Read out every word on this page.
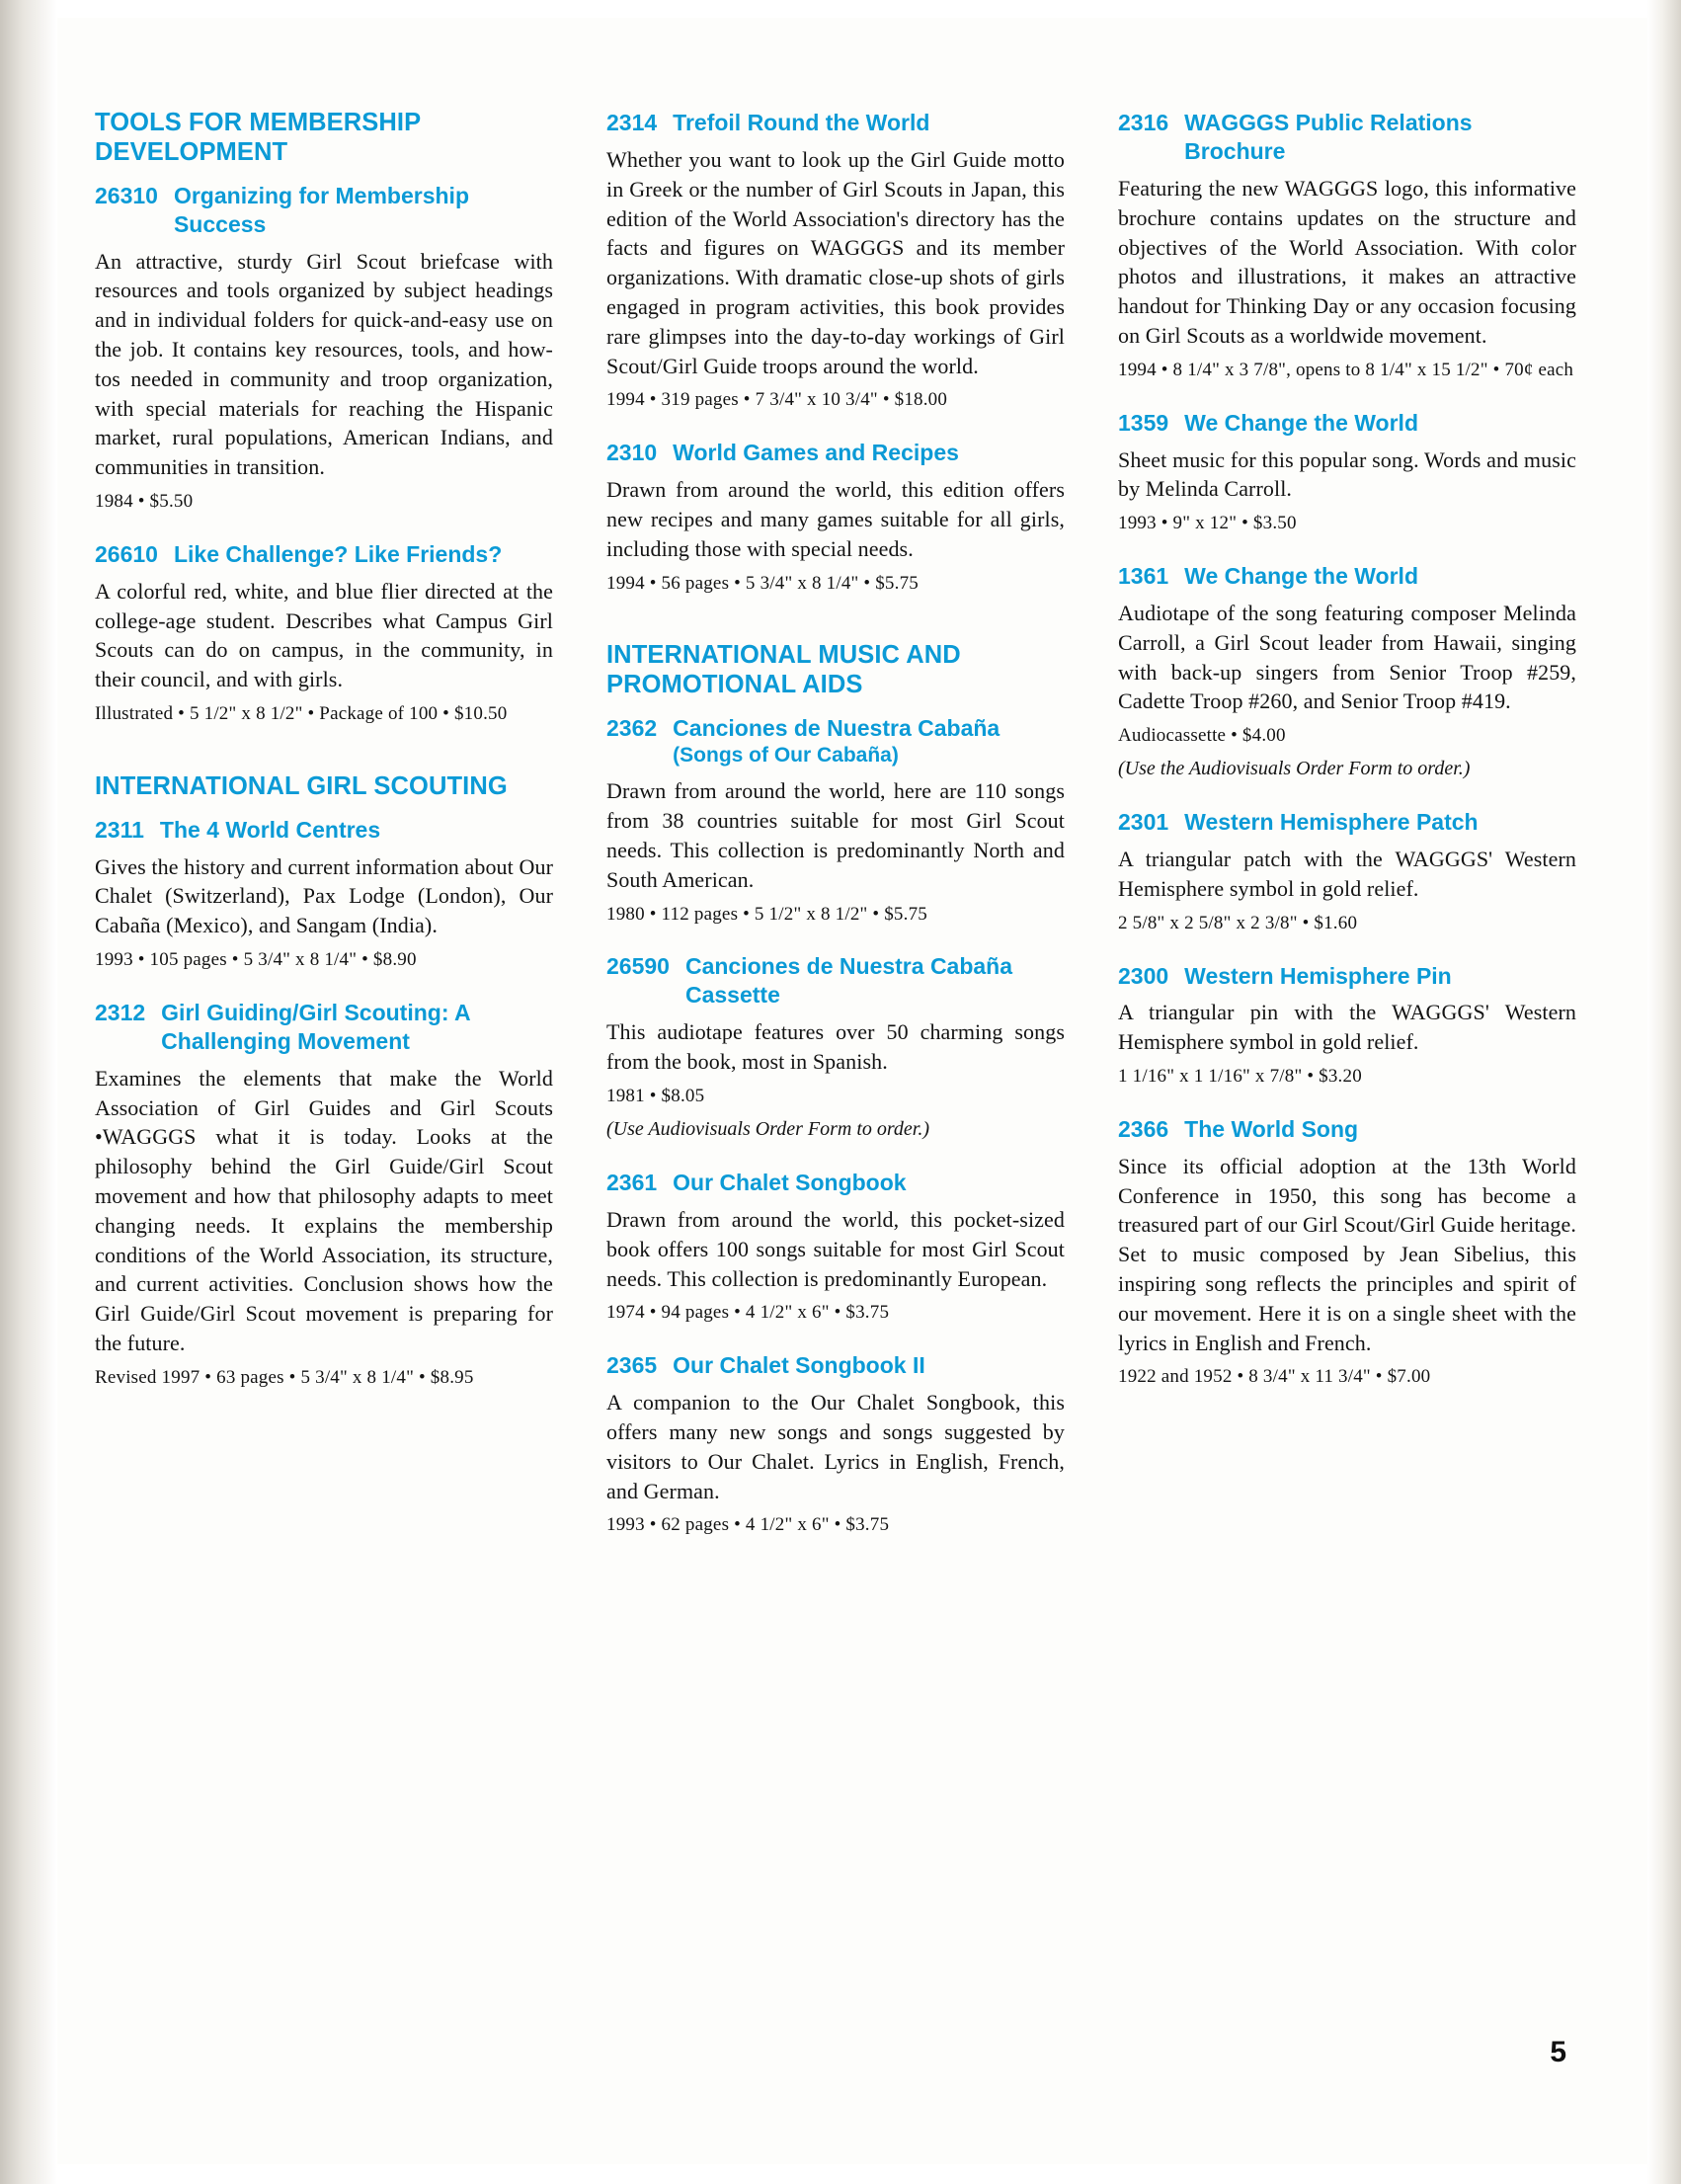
TOOLS FOR MEMBERSHIP DEVELOPMENT
26310 Organizing for Membership Success

An attractive, sturdy Girl Scout briefcase with resources and tools organized by subject headings and in individual folders for quick-and-easy use on the job. It contains key resources, tools, and how-tos needed in community and troop organization, with special materials for reaching the Hispanic market, rural populations, American Indians, and communities in transition.

1984 • $5.50

26610 Like Challenge? Like Friends?

A colorful red, white, and blue flier directed at the college-age student. Describes what Campus Girl Scouts can do on campus, in the community, in their council, and with girls.

Illustrated • 5 1/2" x 8 1/2" • Package of 100 • $10.50

INTERNATIONAL GIRL SCOUTING
2311 The 4 World Centres

Gives the history and current information about Our Chalet (Switzerland), Pax Lodge (London), Our Cabaña (Mexico), and Sangam (India).

1993 • 105 pages • 5 3/4" x 8 1/4" • $8.90

2312 Girl Guiding/Girl Scouting: A Challenging Movement

Examines the elements that make the World Association of Girl Guides and Girl Scouts •WAGGGS what it is today. Looks at the philosophy behind the Girl Guide/Girl Scout movement and how that philosophy adapts to meet changing needs. It explains the membership conditions of the World Association, its structure, and current activities. Conclusion shows how the Girl Guide/Girl Scout movement is preparing for the future.

Revised 1997 • 63 pages • 5 3/4" x 8 1/4" • $8.95

2314 Trefoil Round the World

Whether you want to look up the Girl Guide motto in Greek or the number of Girl Scouts in Japan, this edition of the World Association's directory has the facts and figures on WAGGGS and its member organizations. With dramatic close-up shots of girls engaged in program activities, this book provides rare glimpses into the day-to-day workings of Girl Scout/Girl Guide troops around the world.

1994 • 319 pages • 7 3/4" x 10 3/4" • $18.00

2310 World Games and Recipes

Drawn from around the world, this edition offers new recipes and many games suitable for all girls, including those with special needs.

1994 • 56 pages • 5 3/4" x 8 1/4" • $5.75

INTERNATIONAL MUSIC AND PROMOTIONAL AIDS
2362 Canciones de Nuestra Cabaña
(Songs of Our Cabaña)

Drawn from around the world, here are 110 songs from 38 countries suitable for most Girl Scout needs. This collection is predominantly North and South American.

1980 • 112 pages • 5 1/2" x 8 1/2" • $5.75

26590 Canciones de Nuestra Cabaña Cassette

This audiotape features over 50 charming songs from the book, most in Spanish.

1981 • $8.05

(Use Audiovisuals Order Form to order.)

2361 Our Chalet Songbook

Drawn from around the world, this pocket-sized book offers 100 songs suitable for most Girl Scout needs. This collection is predominantly European.

1974 • 94 pages • 4 1/2" x 6" • $3.75

2365 Our Chalet Songbook II

A companion to the Our Chalet Songbook, this offers many new songs and songs suggested by visitors to Our Chalet. Lyrics in English, French, and German.

1993 • 62 pages • 4 1/2" x 6" • $3.75

2316 WAGGGS Public Relations Brochure

Featuring the new WAGGGS logo, this informative brochure contains updates on the structure and objectives of the World Association. With color photos and illustrations, it makes an attractive handout for Thinking Day or any occasion focusing on Girl Scouts as a worldwide movement.

1994 • 8 1/4" x 3 7/8", opens to 8 1/4" x 15 1/2" • 70¢ each

1359 We Change the World

Sheet music for this popular song. Words and music by Melinda Carroll.

1993 • 9" x 12" • $3.50

1361 We Change the World

Audiotape of the song featuring composer Melinda Carroll, a Girl Scout leader from Hawaii, singing with back-up singers from Senior Troop #259, Cadette Troop #260, and Senior Troop #419.

Audiocassette • $4.00

(Use the Audiovisuals Order Form to order.)

2301 Western Hemisphere Patch

A triangular patch with the WAGGGS' Western Hemisphere symbol in gold relief.

2 5/8" x 2 5/8" x 2 3/8" • $1.60

2300 Western Hemisphere Pin

A triangular pin with the WAGGGS' Western Hemisphere symbol in gold relief.

1 1/16" x 1 1/16" x 7/8" • $3.20

2366 The World Song

Since its official adoption at the 13th World Conference in 1950, this song has become a treasured part of our Girl Scout/Girl Guide heritage. Set to music composed by Jean Sibelius, this inspiring song reflects the principles and spirit of our movement. Here it is on a single sheet with the lyrics in English and French.

1922 and 1952 • 8 3/4" x 11 3/4" • $7.00

5
